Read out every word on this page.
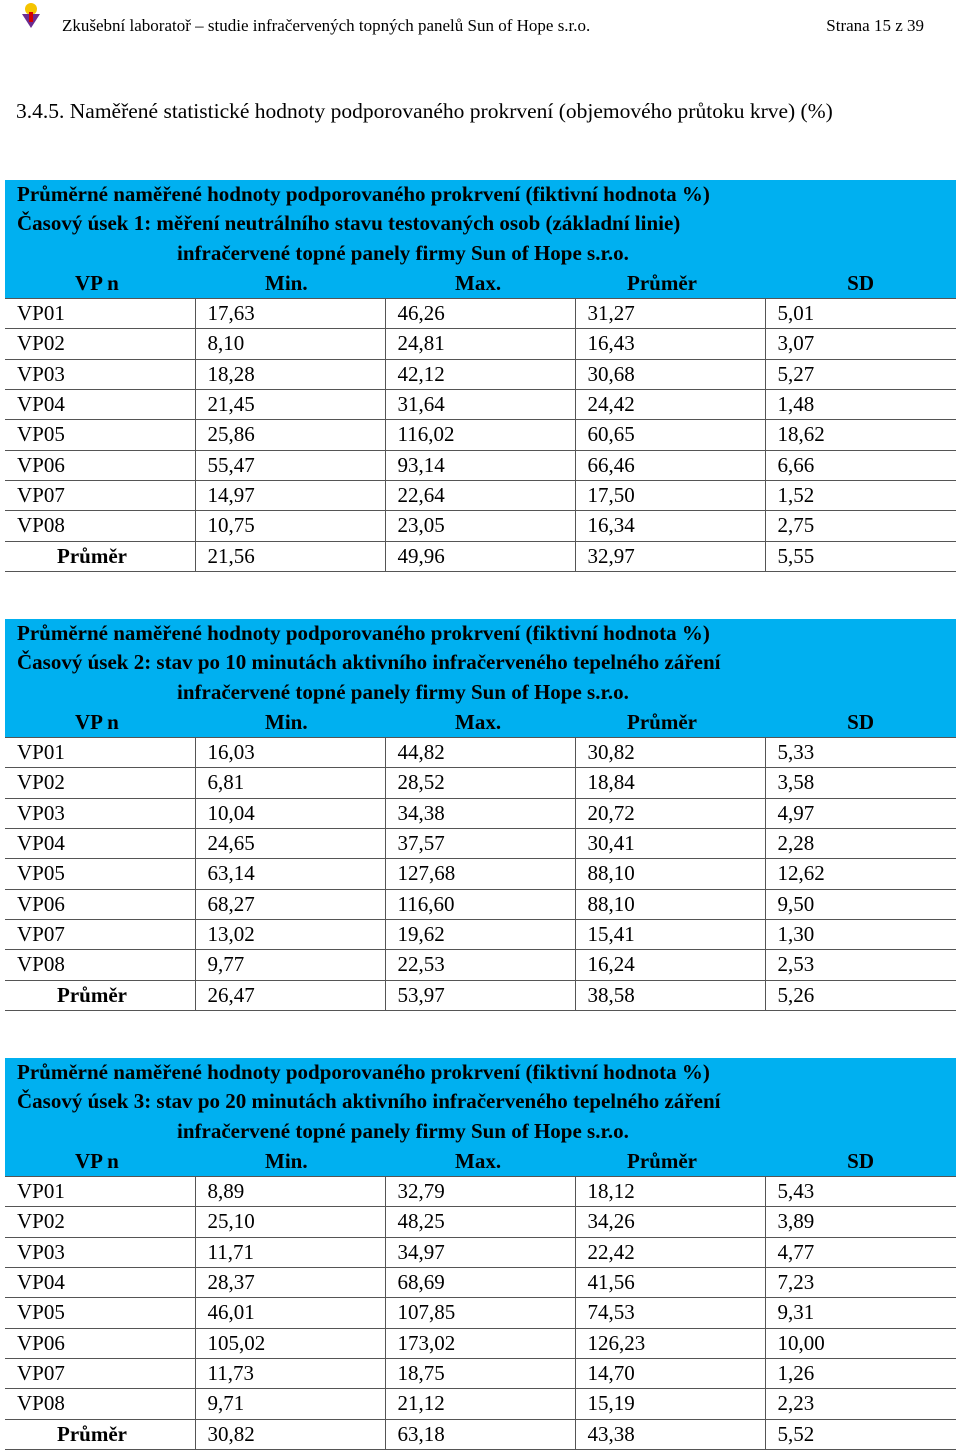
Zkušební laboratoř – studie infračervených topných panelů Sun of Hope s.r.o.	Strana 15 z 39
3.4.5. Naměřené statistické hodnoty podporovaného prokrvení (objemového průtoku krve) (%)
Průměrné naměřené hodnoty podporovaného prokrvení (fiktivní hodnota %)
Časový úsek 1: měření neutrálního stavu testovaných osob (základní linie)
infračervené topné panely firmy Sun of Hope s.r.o.
VP n	Min.	Max.	Průměr	SD
VP01	17,63	46,26	31,27	5,01
VP02	8,10	24,81	16,43	3,07
VP03	18,28	42,12	30,68	5,27
VP04	21,45	31,64	24,42	1,48
VP05	25,86	116,02	60,65	18,62
VP06	55,47	93,14	66,46	6,66
VP07	14,97	22,64	17,50	1,52
VP08	10,75	23,05	16,34	2,75
Průměr	21,56	49,96	32,97	5,55
Průměrné naměřené hodnoty podporovaného prokrvení (fiktivní hodnota %)
Časový úsek 2: stav po 10 minutách aktivního infračerveného tepelného záření
infračervené topné panely firmy Sun of Hope s.r.o.
VP n	Min.	Max.	Průměr	SD
VP01	16,03	44,82	30,82	5,33
VP02	6,81	28,52	18,84	3,58
VP03	10,04	34,38	20,72	4,97
VP04	24,65	37,57	30,41	2,28
VP05	63,14	127,68	88,10	12,62
VP06	68,27	116,60	88,10	9,50
VP07	13,02	19,62	15,41	1,30
VP08	9,77	22,53	16,24	2,53
Průměr	26,47	53,97	38,58	5,26
Průměrné naměřené hodnoty podporovaného prokrvení (fiktivní hodnota %)
Časový úsek 3: stav po 20 minutách aktivního infračerveného tepelného záření
infračervené topné panely firmy Sun of Hope s.r.o.
VP n	Min.	Max.	Průměr	SD
VP01	8,89	32,79	18,12	5,43
VP02	25,10	48,25	34,26	3,89
VP03	11,71	34,97	22,42	4,77
VP04	28,37	68,69	41,56	7,23
VP05	46,01	107,85	74,53	9,31
VP06	105,02	173,02	126,23	10,00
VP07	11,73	18,75	14,70	1,26
VP08	9,71	21,12	15,19	2,23
Průměr	30,82	63,18	43,38	5,52
